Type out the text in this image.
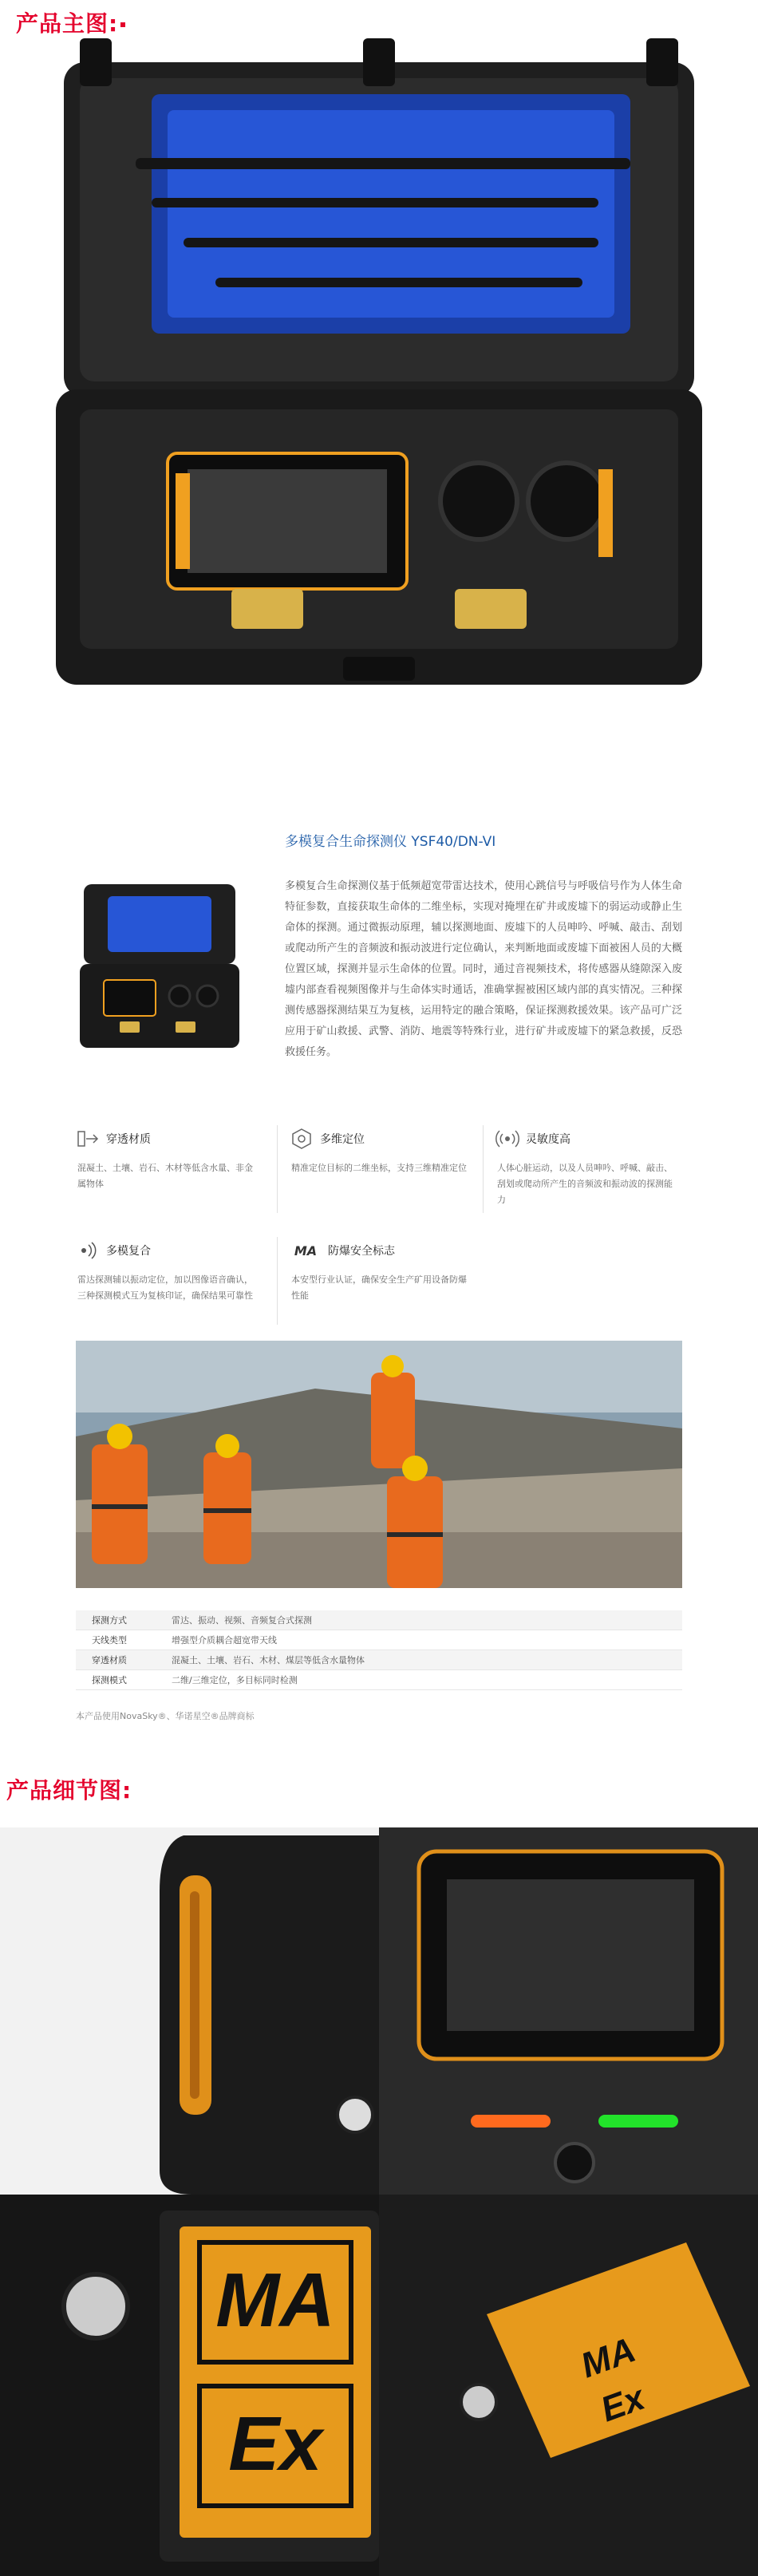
产品主图:
多模复合生命探测仪 YSF40/DN-VI
多模复合生命探测仪基于低频超宽带雷达技术，使用心跳信号与呼吸信号作为人体生命特征参数，直接获取生命体的二维坐标，实现对掩埋在矿井或废墟下的弱运动或静止生命体的探测。通过微振动原理，辅以探测地面、废墟下的人员呻吟、呼喊、敲击、刮划或爬动所产生的音频波和振动波进行定位确认，来判断地面或废墟下面被困人员的大概位置区域，探测并显示生命体的位置。同时，通过音视频技术，将传感器从缝隙深入废墟内部查看视频图像并与生命体实时通话，准确掌握被困区域内部的真实情况。三种探测传感器探测结果互为复核，运用特定的融合策略，保证探测救援效果。该产品可广泛应用于矿山救援、武警、消防、地震等特殊行业，进行矿井或废墟下的紧急救援，反恐救援任务。
穿透材质
混凝土、土壤、岩石、木材等低含水量、非金属物体
多维定位
精准定位目标的二维坐标，支持三维精准定位
灵敏度高
人体心脏运动，以及人员呻吟、呼喊、敲击、刮划或爬动所产生的音频波和振动波的探测能力
多模复合
雷达探测辅以振动定位，加以图像语音确认，三种探测模式互为复核印证，确保结果可靠性
MA 防爆安全标志
本安型行业认证，确保安全生产矿用设备防爆性能
探测方式	雷达、振动、视频、音频复合式探测
天线类型	增强型介质耦合超宽带天线
穿透材质	混凝土、土壤、岩石、木材、煤层等低含水量物体
探测模式	二维/三维定位，多目标同时检测
本产品使用NovaSky®、华诺星空®品牌商标
产品细节图:
MA
Ex
MA
Ex
